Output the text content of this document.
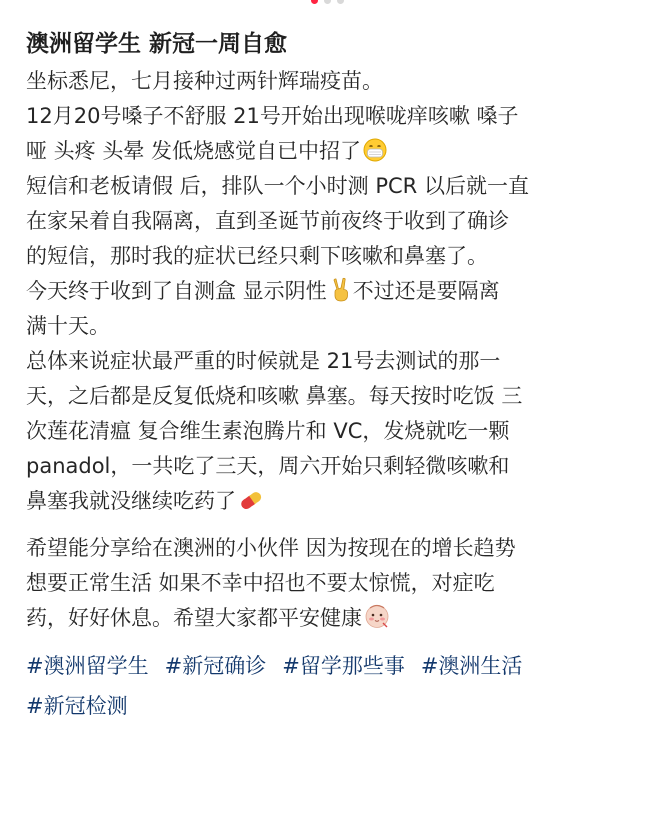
澳洲留学生 新冠一周自愈
坐标悉尼，七月接种过两针辉瑞疫苗。
12月20号嗓子不舒服 21号开始出现喉咙痒咳嗽 嗓子
哑 头疼 头晕 发低烧感觉自已中招了
短信和老板请假 后，排队一个小时测 PCR 以后就一直
在家呆着自我隔离，直到圣诞节前夜终于收到了确诊
的短信，那时我的症状已经只剩下咳嗽和鼻塞了。
今天终于收到了自测盒 显示阴性 不过还是要隔离
满十天。
总体来说症状最严重的时候就是 21号去测试的那一
天，之后都是反复低烧和咳嗽 鼻塞。每天按时吃饭 三
次莲花清瘟 复合维生素泡腾片和 VC，发烧就吃一颗
panadol，一共吃了三天，周六开始只剩轻微咳嗽和
鼻塞我就没继续吃药了
希望能分享给在澳洲的小伙伴 因为按现在的增长趋势
想要正常生活 如果不幸中招也不要太惊慌，对症吃
药，好好休息。希望大家都平安健康
#澳洲留学生 #新冠确诊 #留学那些事 #澳洲生活
#新冠检测
